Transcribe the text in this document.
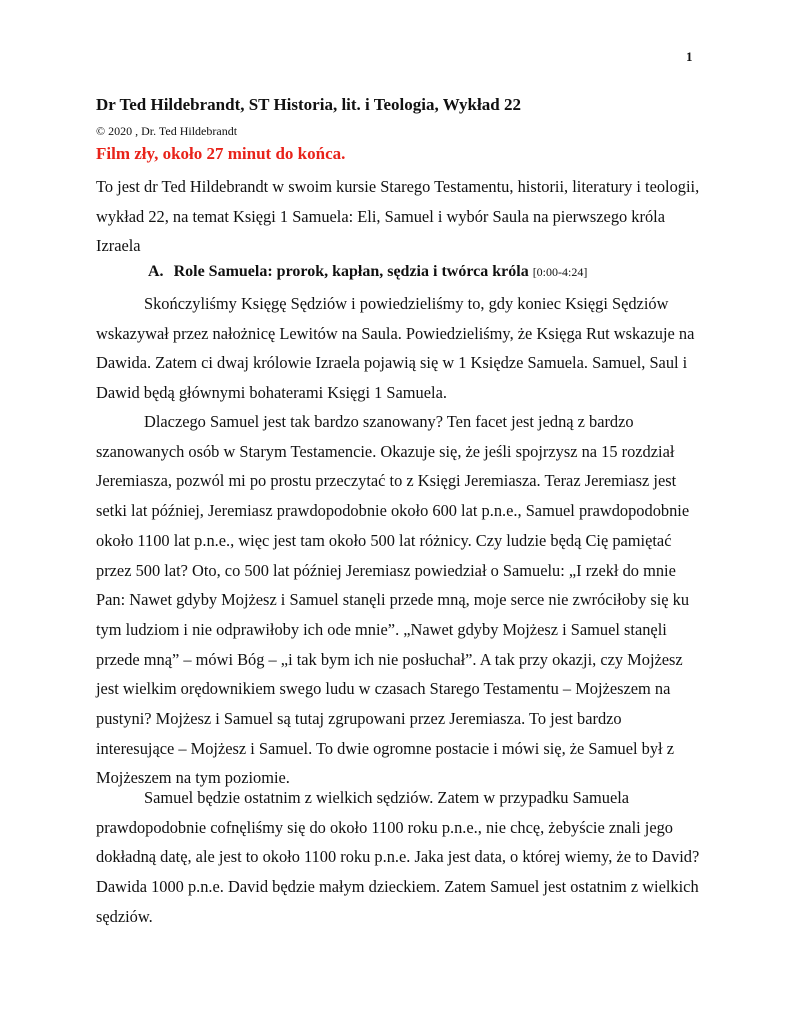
1
Dr Ted Hildebrandt, ST Historia, lit. i Teologia, Wykład 22
© 2020 , Dr. Ted Hildebrandt
Film zły, około 27 minut do końca.
To jest dr Ted Hildebrandt w swoim kursie Starego Testamentu, historii, literatury i teologii, wykład 22, na temat Księgi 1 Samuela: Eli, Samuel i wybór Saula na pierwszego króla Izraela
A. Role Samuela: prorok, kapłan, sędzia i twórca króla [0:00-4:24]
Skończyliśmy Księgę Sędziów i powiedzieliśmy to, gdy koniec Księgi Sędziów wskazywał przez nałożnicę Lewitów na Saula. Powiedzieliśmy, że Księga Rut wskazuje na Dawida. Zatem ci dwaj królowie Izraela pojawią się w 1 Księdze Samuela. Samuel, Saul i Dawid będą głównymi bohaterami Księgi 1 Samuela.
Dlaczego Samuel jest tak bardzo szanowany? Ten facet jest jedną z bardzo szanowanych osób w Starym Testamencie. Okazuje się, że jeśli spojrzysz na 15 rozdział Jeremiasza, pozwól mi po prostu przeczytać to z Księgi Jeremiasza. Teraz Jeremiasz jest setki lat później, Jeremiasz prawdopodobnie około 600 lat p.n.e., Samuel prawdopodobnie około 1100 lat p.n.e., więc jest tam około 500 lat różnicy. Czy ludzie będą Cię pamiętać przez 500 lat? Oto, co 500 lat później Jeremiasz powiedział o Samuelu: „I rzekł do mnie Pan: Nawet gdyby Mojżesz i Samuel stanęli przede mną, moje serce nie zwróciłoby się ku tym ludziom i nie odprawiłoby ich ode mnie”. „Nawet gdyby Mojżesz i Samuel stanęli przede mną” – mówi Bóg – „i tak bym ich nie posłuchał”. A tak przy okazji, czy Mojżesz jest wielkim orędownikiem swego ludu w czasach Starego Testamentu – Mojżeszem na pustyni? Mojżesz i Samuel są tutaj zgrupowani przez Jeremiasza. To jest bardzo interesujące – Mojżesz i Samuel. To dwie ogromne postacie i mówi się, że Samuel był z Mojżeszem na tym poziomie.
Samuel będzie ostatnim z wielkich sędziów. Zatem w przypadku Samuela prawdopodobnie cofnęliśmy się do około 1100 roku p.n.e., nie chcę, żebyście znali jego dokładną datę, ale jest to około 1100 roku p.n.e. Jaka jest data, o której wiemy, że to David? Dawida 1000 p.n.e. David będzie małym dzieckiem. Zatem Samuel jest ostatnim z wielkich sędziów.
